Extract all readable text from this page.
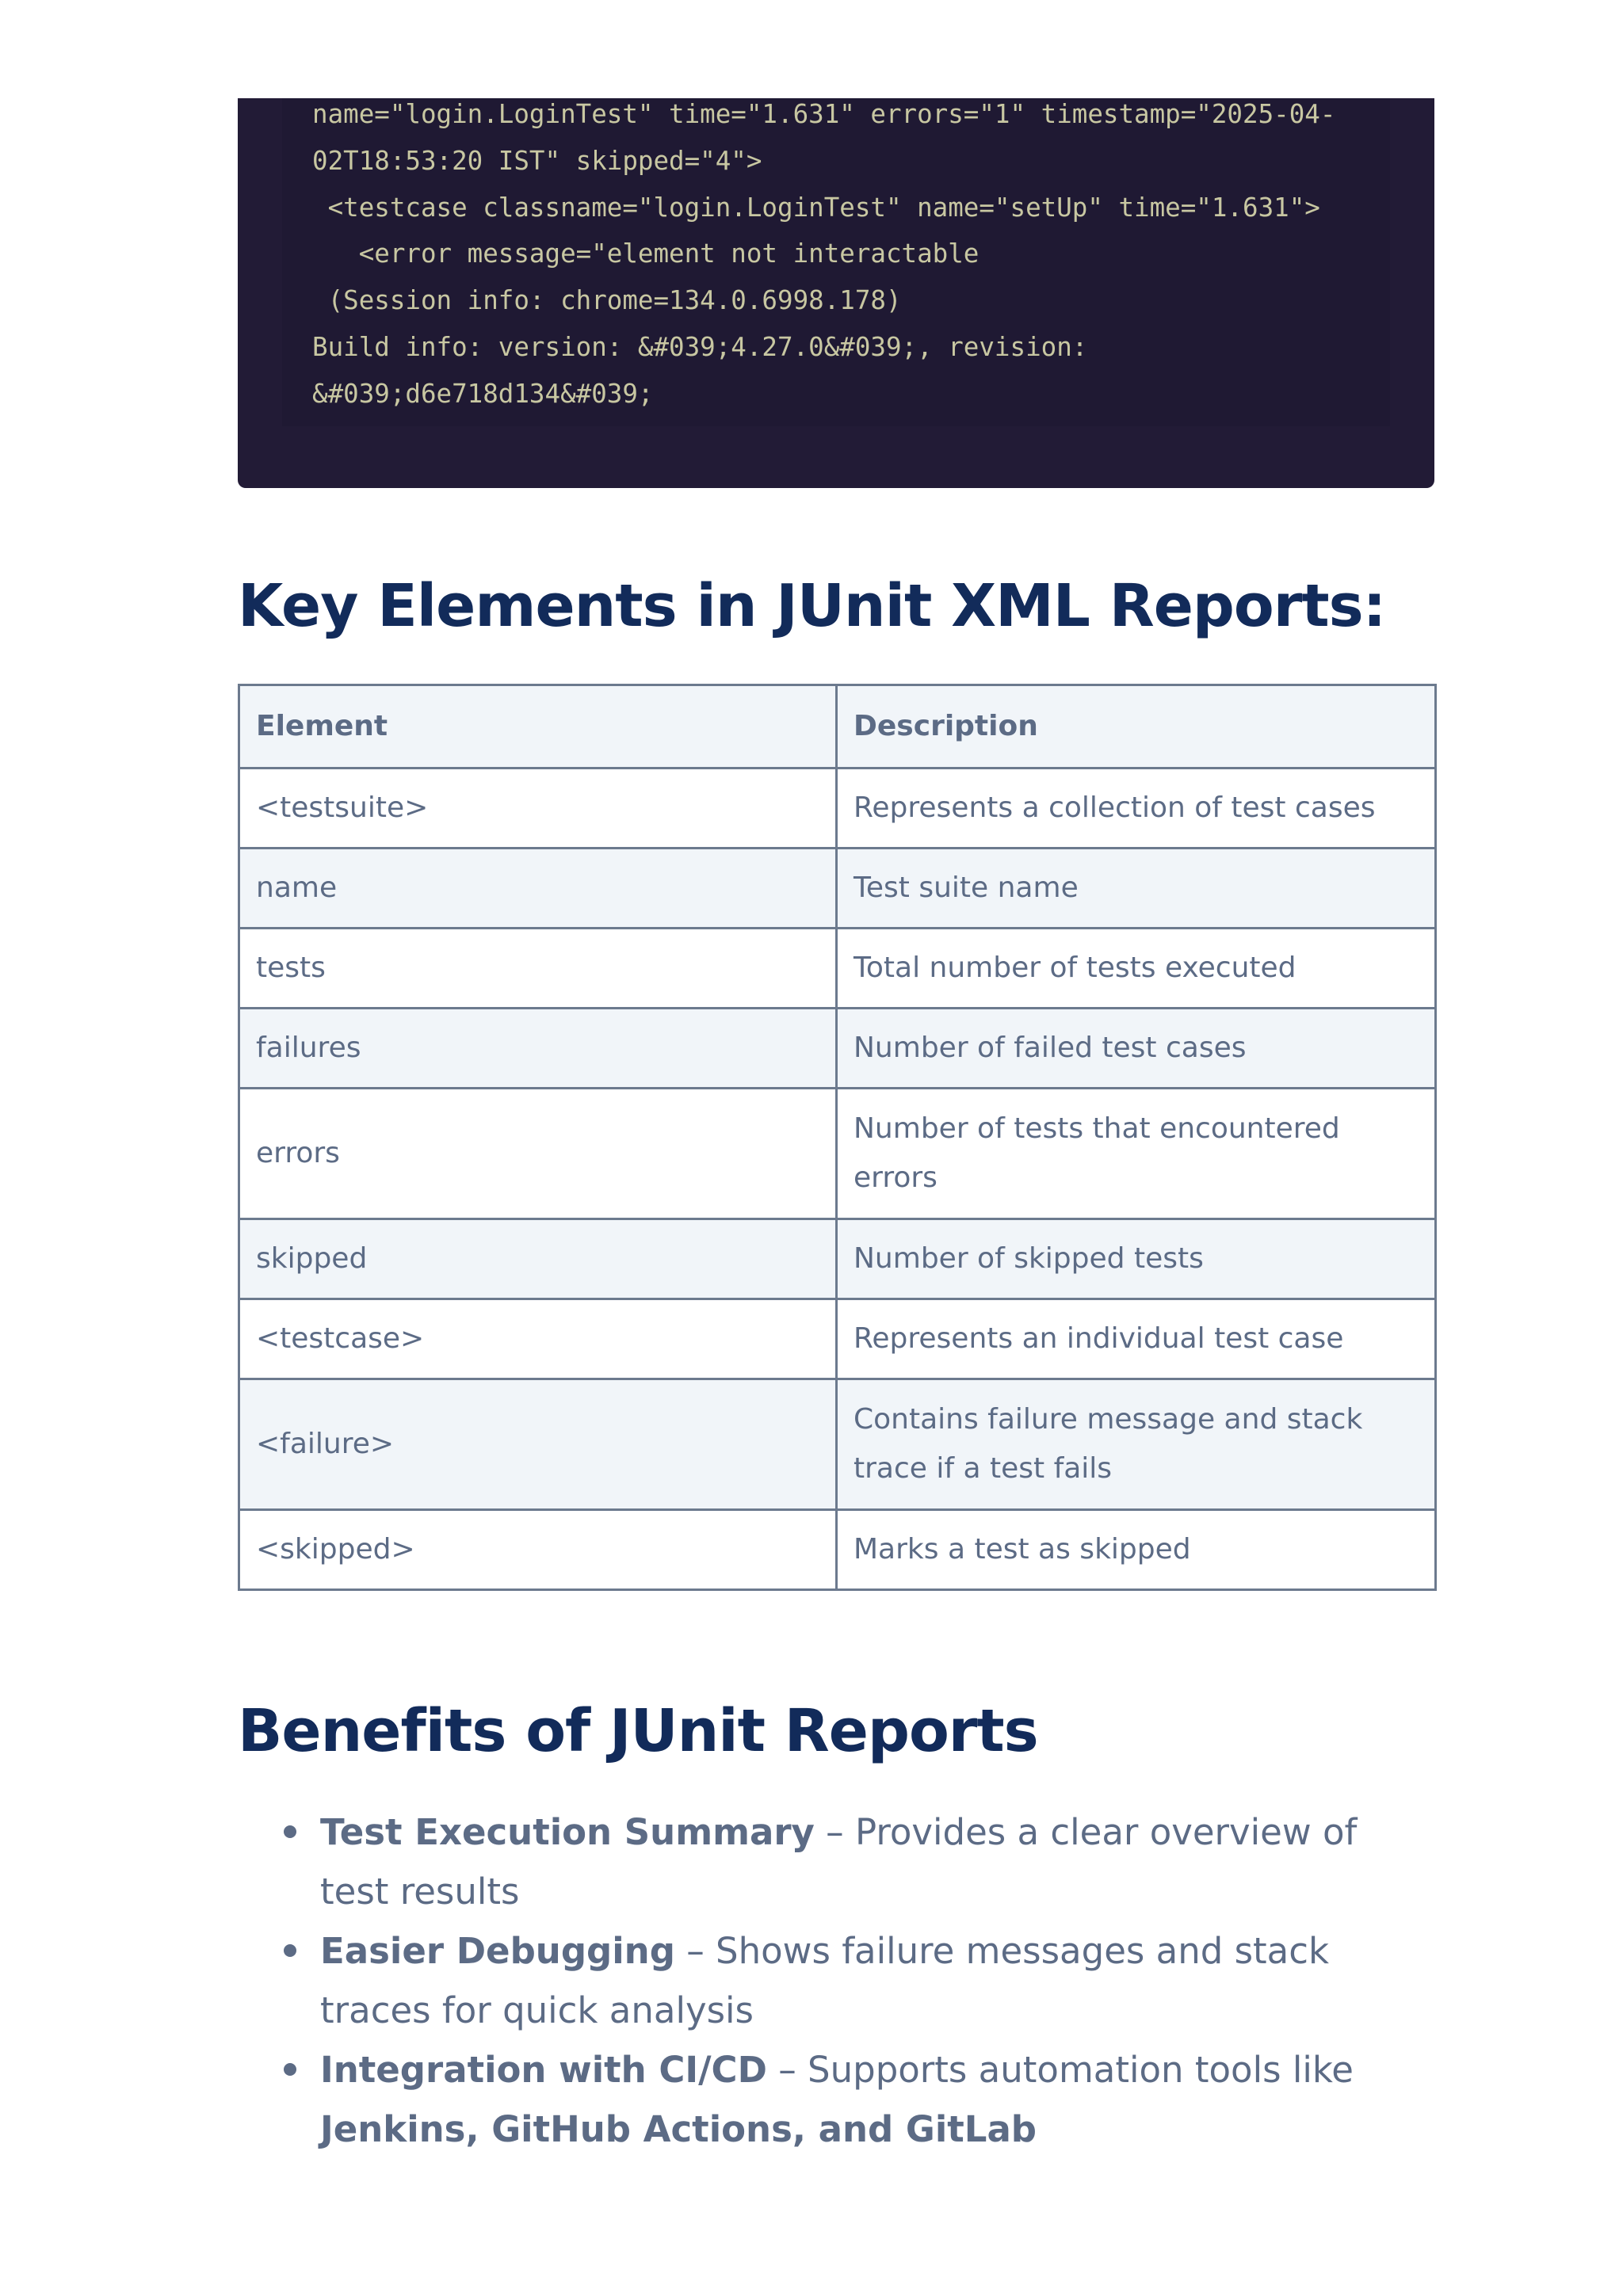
name="login.LoginTest" time="1.631" errors="1" timestamp="2025-04-
02T18:53:20 IST" skipped="4">
<testcase classname="login.LoginTest" name="setUp" time="1.631">
<error message="element not interactable
(Session info: chrome=134.0.6998.178)
Build info: version: &#039;4.27.0&#039;, revision:
&#039;d6e718d134&#039;
Key Elements in JUnit XML Reports:
Element	Description
<testsuite>	Represents a collection of test cases
name	Test suite name
tests	Total number of tests executed
failures	Number of failed test cases
errors	Number of tests that encountered errors
skipped	Number of skipped tests
<testcase>	Represents an individual test case
<failure>	Contains failure message and stack trace if a test fails
<skipped>	Marks a test as skipped
Benefits of JUnit Reports

Test Execution Summary – Provides a clear overview of test results

Easier Debugging – Shows failure messages and stack traces for quick analysis

Integration with CI/CD – Supports automation tools like Jenkins, GitHub Actions, and GitLab
